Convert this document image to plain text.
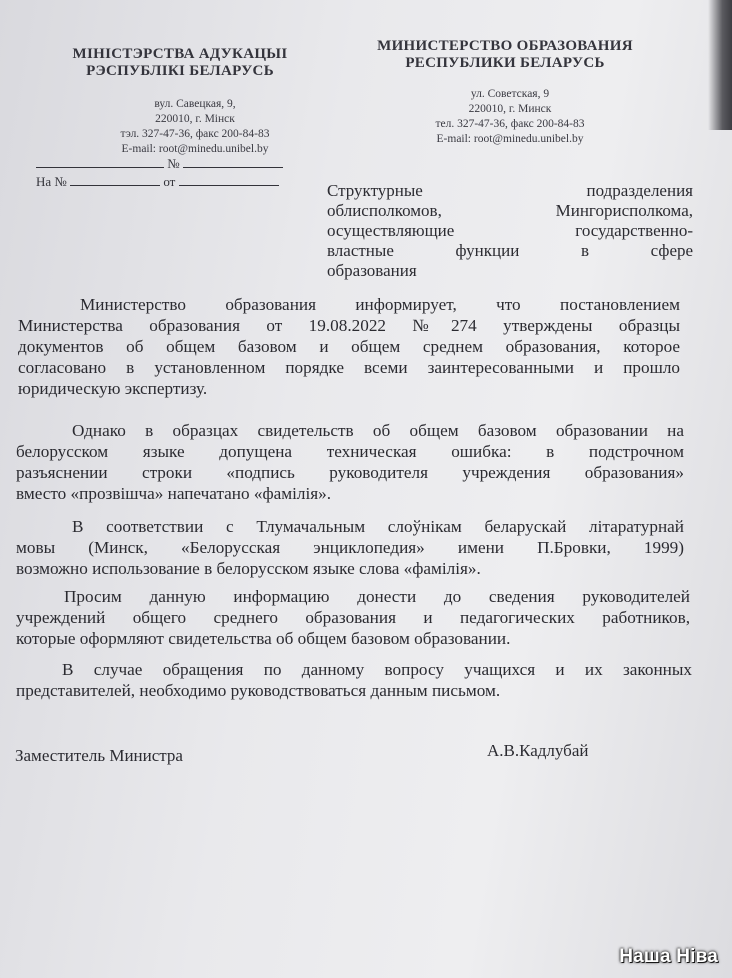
МІНІСТЭРСТВА АДУКАЦЫІ
РЭСПУБЛІКІ БЕЛАРУСЬ
вул. Савецкая, 9,
220010, г. Мінск
тэл. 327-47-36, факс 200-84-83
E-mail: root@minedu.unibel.by
МИНИСТЕРСТВО ОБРАЗОВАНИЯ
РЕСПУБЛИКИ БЕЛАРУСЬ
ул. Советская, 9
220010, г. Минск
тел. 327-47-36, факс 200-84-83
E-mail: root@minedu.unibel.by
№
На №	от	Структурные	подразделения
облисполкомов,	Мингорисполкома,
осуществляющие	государственно-
властные	функции	в	сфере
образования
Министерство образования информирует, что постановлением
Министерства образования от 19.08.2022 №274 утверждены образцы
документов об общем базовом и общем среднем образования, которое
согласовано в установленном порядке всеми заинтересованными и прошло
юридическую экспертизу.
Однако в образцах свидетельств об общем базовом образовании на
белорусском языке допущена техническая ошибка: в подстрочном
разъяснении строки «подпись руководителя учреждения образования»
вместо «прозвішча» напечатано «фамілія».
В соответствии с Тлумачальным слоўнікам беларускай літаратурнай
мовы (Минск, «Белорусская энциклопедия» имени П.Бровки, 1999)
возможно использование в белорусском языке слова «фамілія».
Просим данную информацию донести до сведения руководителей
учреждений общего среднего образования и педагогических работников,
которые оформляют свидетельства об общем базовом образовании.
В случае обращения по данному вопросу учащихся и их законных
представителей, необходимо руководствоваться данным письмом.
Заместитель Министра	А.В.Кадлубай
Наша Ніва
